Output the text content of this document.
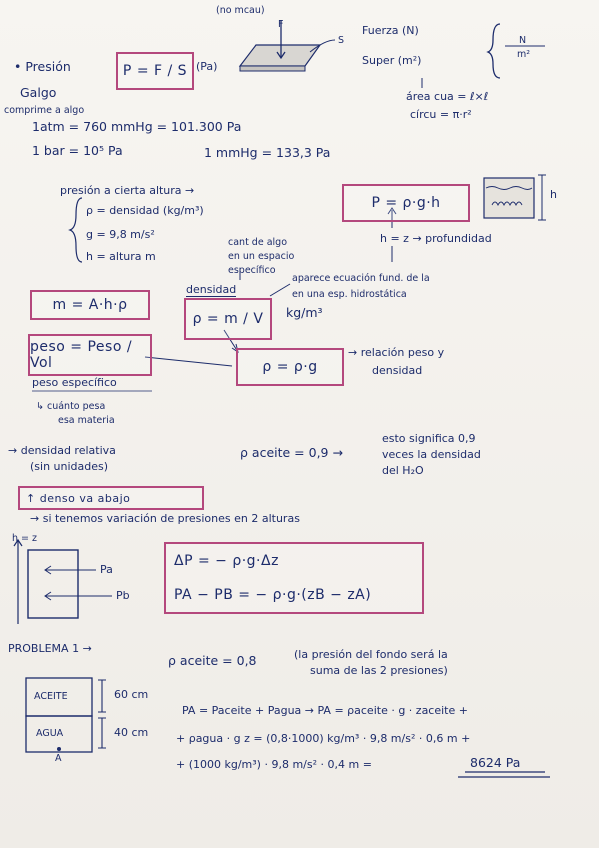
(no mcau)
F
S
Fuerza (N)
Super (m²)
N
m²
área cua = ℓ×ℓ
círcu = π·r²
• Presión	P = F / S (Pa)
Galgo
comprime a algo
1atm = 760 mmHg = 101.300 Pa
1 bar = 10⁵ Pa	1 mmHg = 133,3 Pa
presión a cierta altura →
P = ρ·g·h
h
ρ = densidad (kg/m³)
g = 9,8 m/s²
h = altura m
cant de algo
en un espacio
específico
h = z → profundidad
m = A·h·ρ
densidad
ρ = m / V kg/m³
aparece ecuación fund. de la
en una esp. hidrostática
peso = Peso / Vol	ρ = ρ·g
→ relación peso y
densidad
peso específico
↳ cuánto pesa
esa materia
→ densidad relativa
(sin unidades)
ρ aceite = 0,9 →
esto significa 0,9
veces la densidad
del H₂O
↑ denso va abajo
→ si tenemos variación de presiones en 2 alturas
h = z
Pa
Pb
ΔP = − ρ·g·Δz
PA − PB = − ρ·g·(zB − zA)
PROBLEMA 1 →
ρ aceite = 0,8	(la presión del fondo será la
suma de las 2 presiones)
ACEITE
AGUA
A
60 cm
40 cm
PA = Paceite + Pagua → PA = ρaceite · g · zaceite +
+ ρagua · g z = (0,8·1000) kg/m³ · 9,8 m/s² · 0,6 m +
+ (1000 kg/m³) · 9,8 m/s² · 0,4 m =	8624 Pa
